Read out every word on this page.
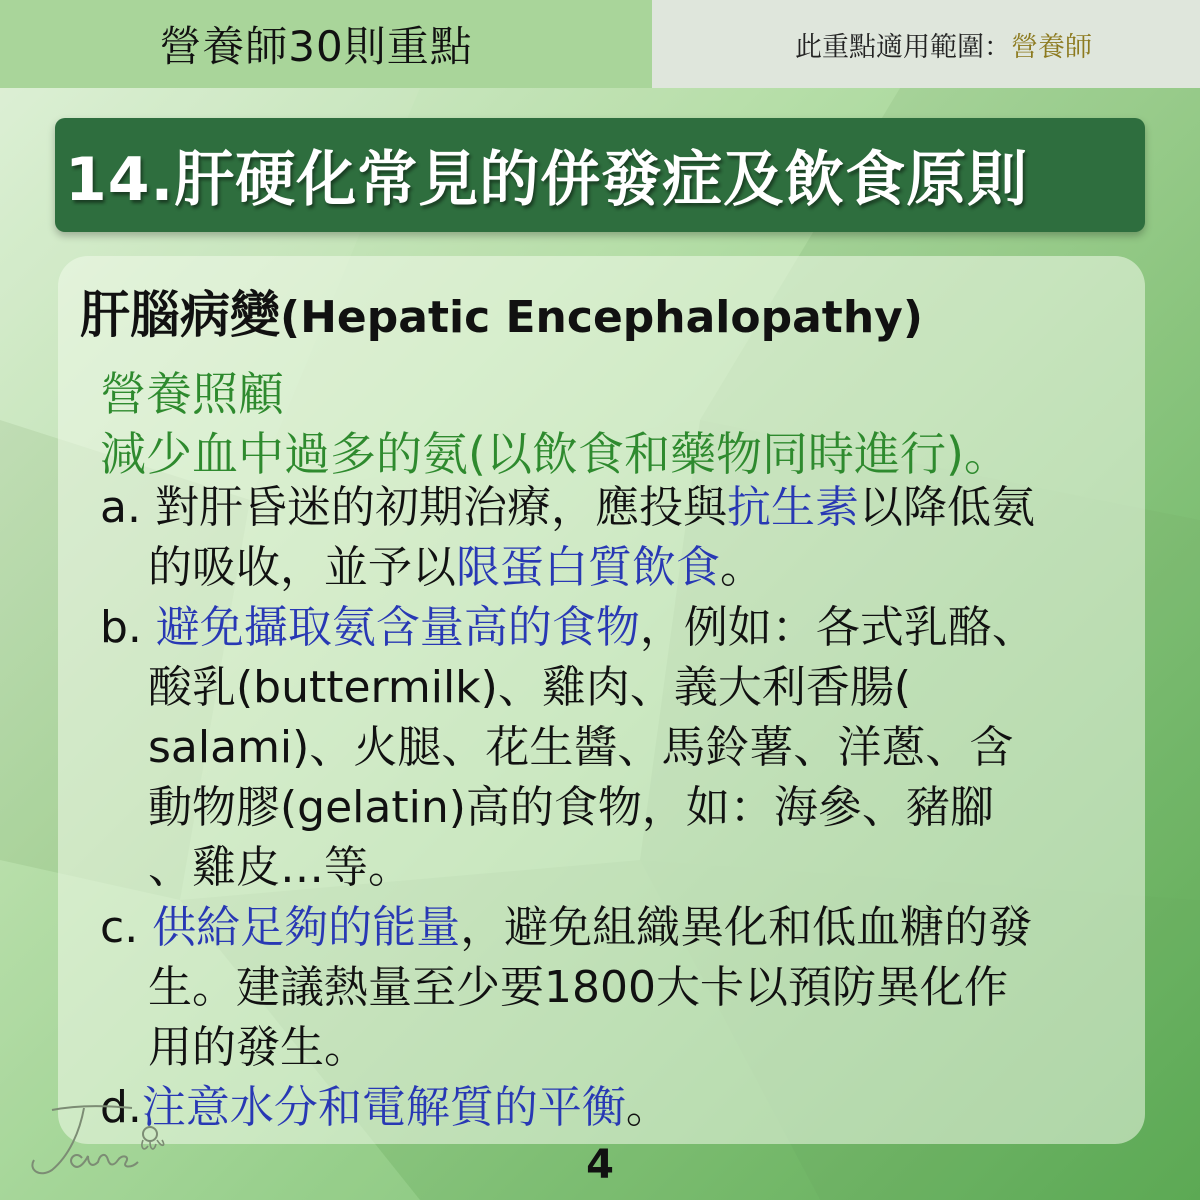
營養師30則重點	此重點適用範圍： 營養師
14.肝硬化常見的併發症及飲食原則
肝腦病變(Hepatic Encephalopathy)
營養照顧
減少血中過多的氨(以飲食和藥物同時進行)。
a. 對肝昏迷的初期治療，應投與抗生素以降低氨
的吸收，並予以限蛋白質飲食。
b. 避免攝取氨含量高的食物，例如：各式乳酪、
酸乳(buttermilk)、雞肉、義大利香腸(
salami)、火腿、花生醬、馬鈴薯、洋蔥、含
動物膠(gelatin)高的食物，如：海參、豬腳
、雞皮…等。
c. 供給足夠的能量，避免組織異化和低血糖的發
生。建議熱量至少要1800大卡以預防異化作
用的發生。
d.注意水分和電解質的平衡。
4
